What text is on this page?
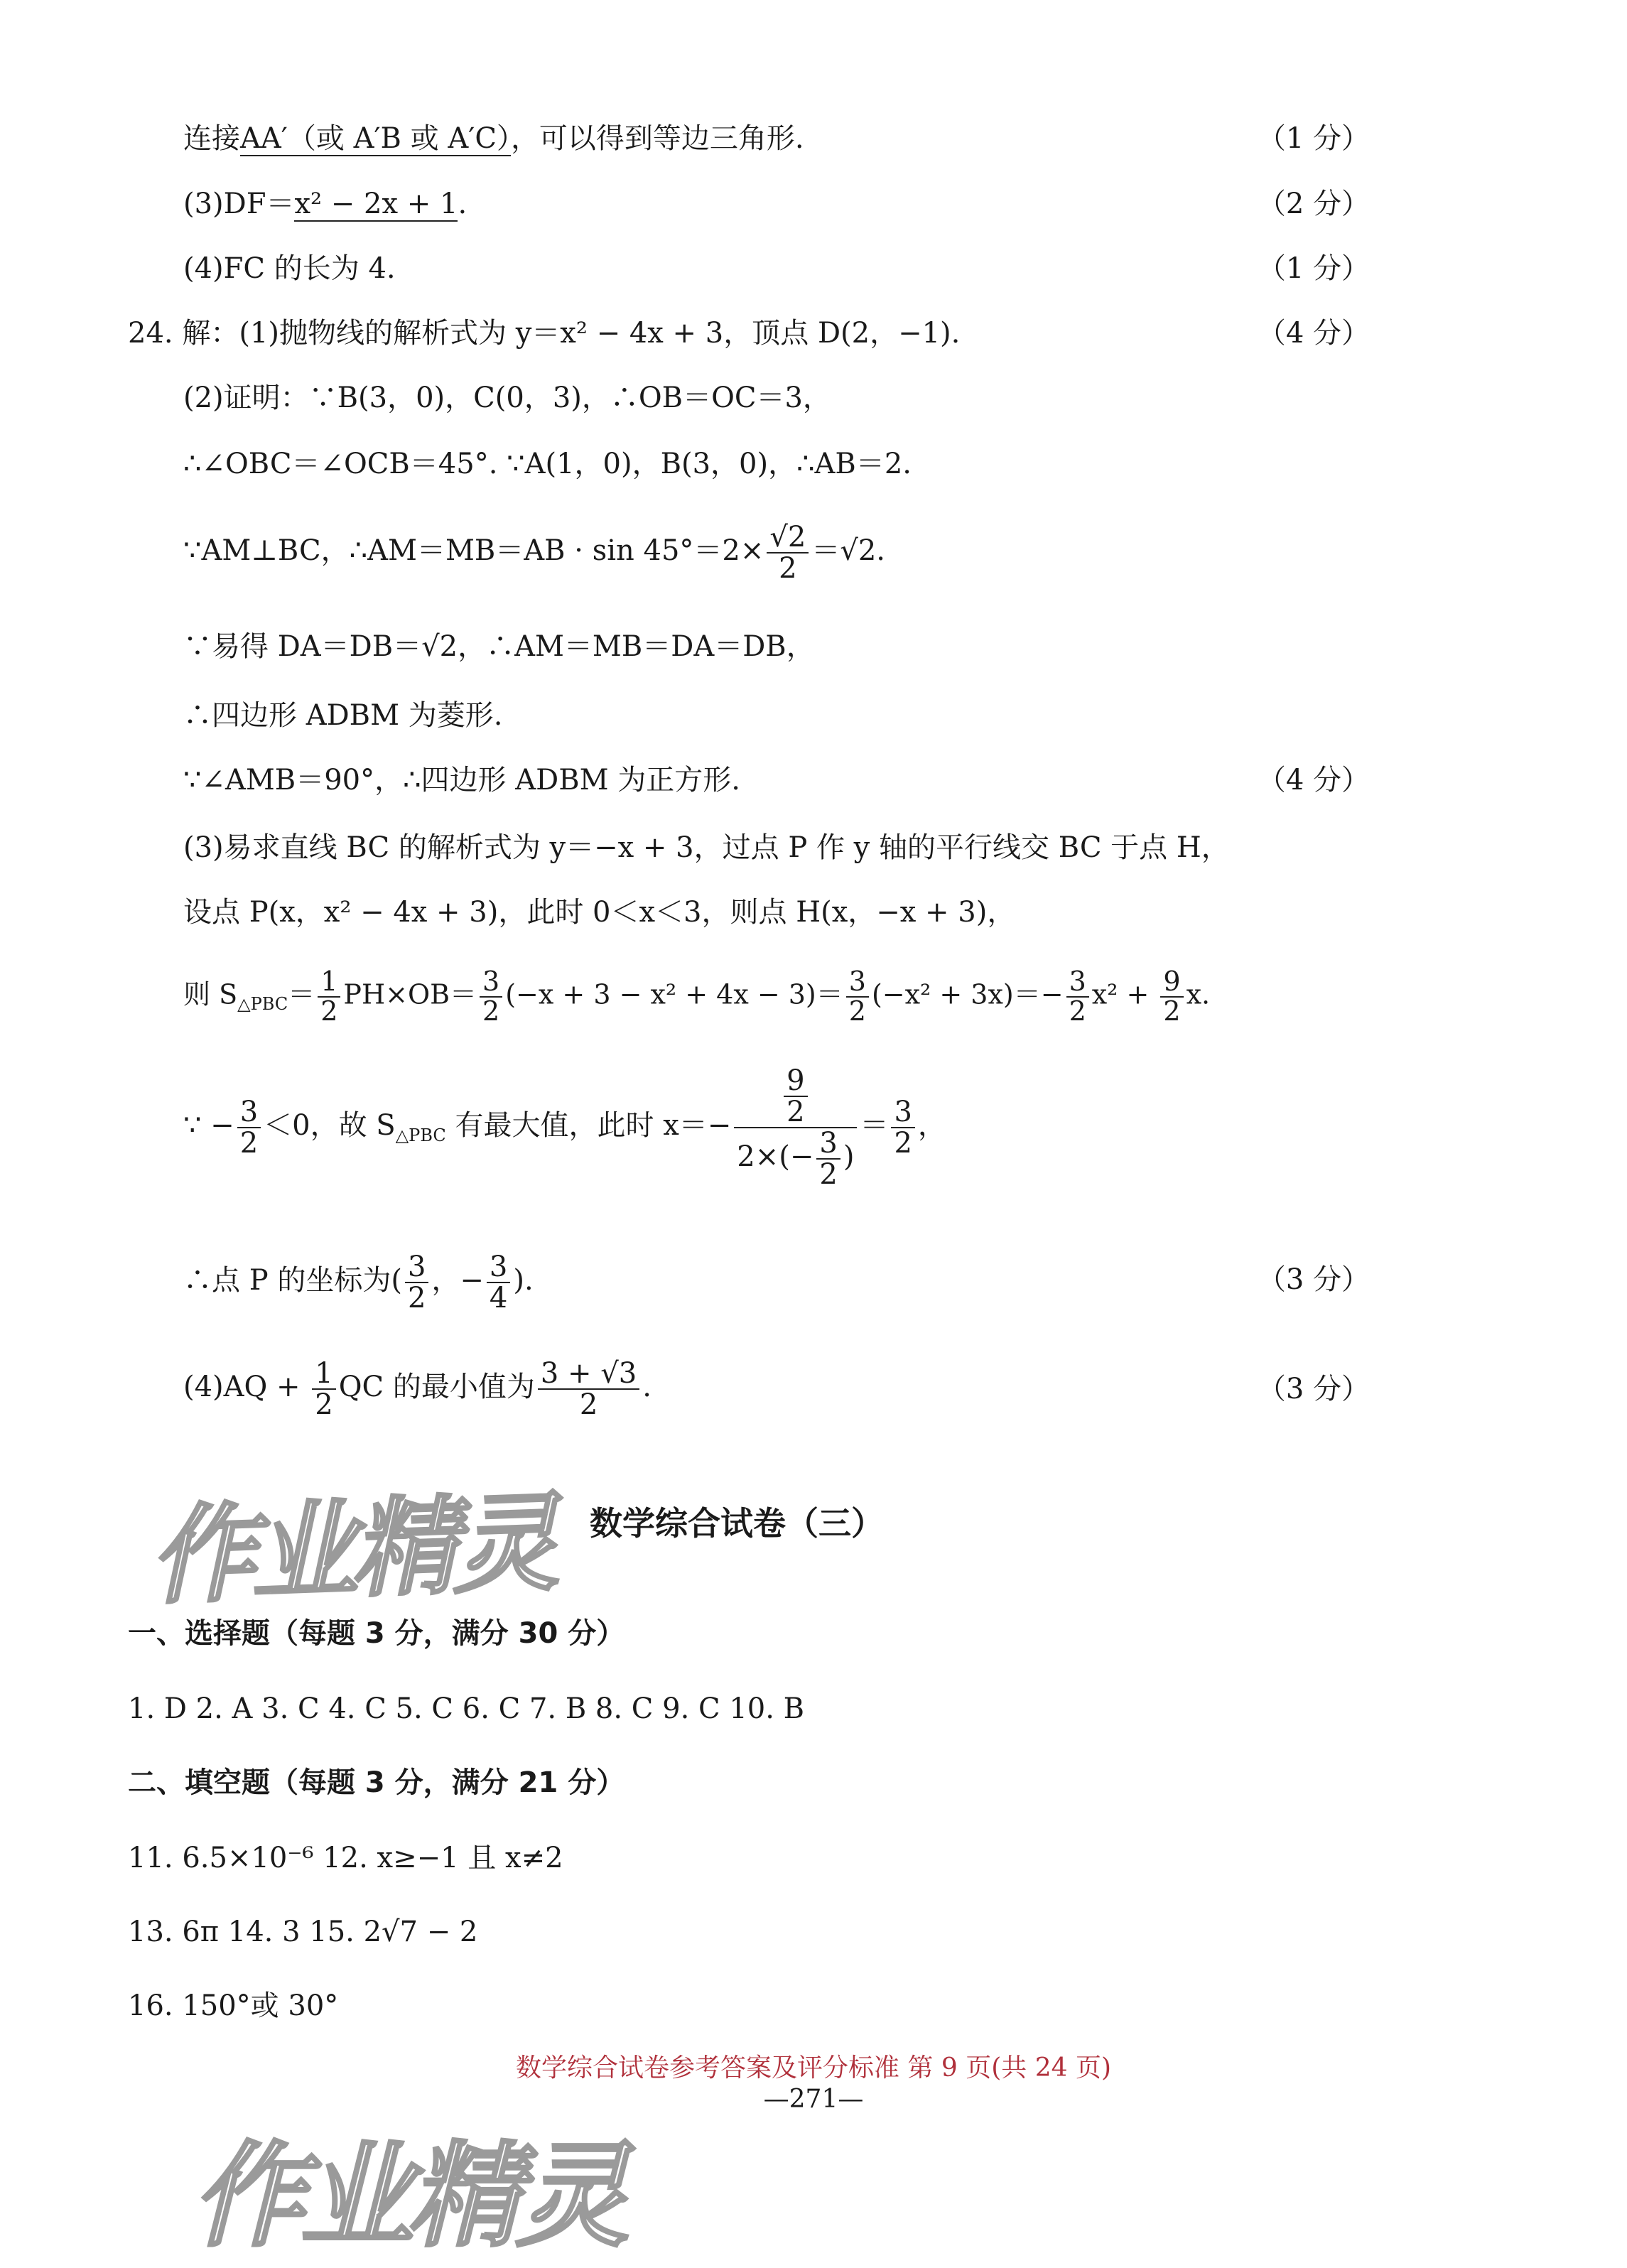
连接AA′（或 A′B 或 A′C），可以得到等边三角形.	（1 分）
(3)DF＝x² − 2x + 1.	（2 分）
(4)FC 的长为 4.	（1 分）
24. 解：(1)抛物线的解析式为 y＝x² − 4x + 3，顶点 D(2，−1).	（4 分）
(2)证明：∵B(3，0)，C(0，3)，∴OB＝OC＝3，
∴∠OBC＝∠OCB＝45°. ∵A(1，0)，B(3，0)，∴AB＝2.
∵AM⊥BC，∴AM＝MB＝AB · $\sin 45^\circ=2\times \frac{√2}{2} =√2$.
∵易得 DA＝DB＝√2，∴AM＝MB＝DA＝DB，
∴四边形 ADBM 为菱形.
∵∠AMB＝90°，∴四边形 ADBM 为正方形.	（4 分）
(3)易求直线 BC 的解析式为 y＝−x + 3，过点 P 作 y 轴的平行线交 BC 于点 H，
设点 P(x，x² − 4x + 3)，此时 0＜x＜3，则点 H(x，−x + 3)，
则 $S_{\triangle PBC}= \frac{1}{2} PH\times OB= \frac{3}{2} (-x + 3 - x^2 + 4x - 3)= \frac{3}{2} (-x^2 + 3x)=- \frac{3}{2} x^2 + \frac{9}{2} x$.
∵ − $\frac{3}{2} <0$，故 $S_{\triangle PBC}$ 有最大值，此时 $x=- \frac{\frac{9}{2}}{2\times(- \frac{3}{2} )} = \frac{3}{2}$ ，
∴点 P 的坐标为( $\frac{3}{2}$ ，− $\frac{3}{4}$ ).	（3 分）
$(4)AQ + \frac{1}{2}$ QC 的最小值为 $\frac{3 + √3}{2}$ .	（3 分）
作业精灵 数学综合试卷（三）
一、选择题（每题 3 分，满分 30 分）
1. D 2. A 3. C 4. C 5. C 6. C 7. B 8. C 9. C 10. B
二、填空题（每题 3 分，满分 21 分）
11. 6.5×10⁻⁶ 12. x≥−1 且 x≠2
13. 6π 14. 3 15. 2√7 − 2
16. 150°或 30°
数学综合试卷参考答案及评分标准 第 9 页(共 24 页)
—271—
作业精灵
